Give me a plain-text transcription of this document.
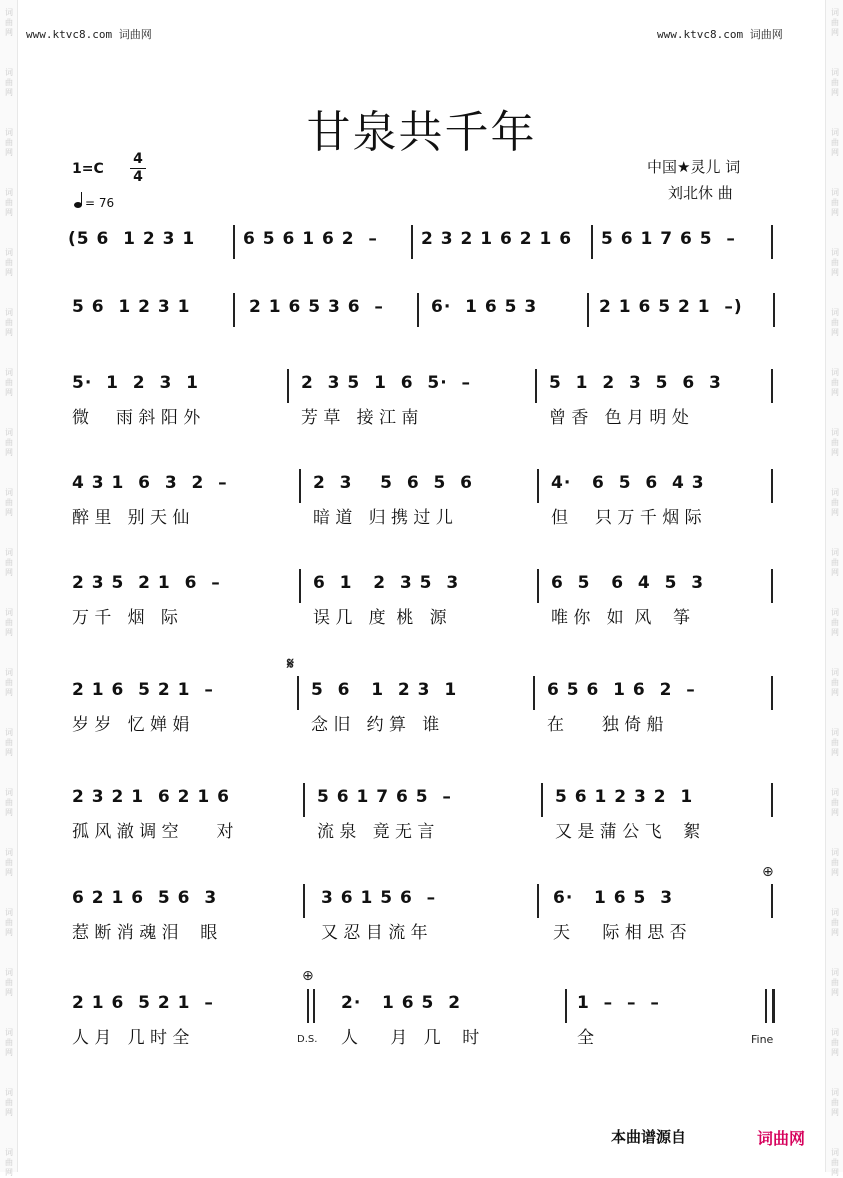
词
曲
网
词
曲
网
词
曲
网
词
曲
网
词
曲
网
词
曲
网
词
曲
网
词
曲
网
词
曲
网
词
曲
网
词
曲
网
词
曲
网
词
曲
网
词
曲
网
词
曲
网
词
曲
网
词
曲
网
词
曲
网
词
曲
网
词
曲
网
词
曲
网
词
曲
网
词
曲
网
词
曲
网
词
曲
网
词
曲
网
词
曲
网
词
曲
网
词
曲
网
词
曲
网
词
曲
网
词
曲
网
词
曲
网
词
曲
网
词
曲
网
词
曲
网
词
曲
网
词
曲
网
词
曲
网
词
曲
网
www.ktvc8.com 词曲网	www.ktvc8.com 词曲网
甘泉共千年
1=C
4
4
= 76
中国★灵儿 词
刘北休 曲
(5 6  1 2 3 1	6 5 6 1 6 2  –	2 3 2 1 6 2 1 6 5 6 1 7 6 5  –
5 6  1 2 3 1	2 1 6 5 3 6  –	6·  1 6 5 3	2 1 6 5 2 1  –)
5·  1  2  3  1	2  3 5  1  6  5·  –	5  1  2  3  5  6  3
微     雨 斜 阳 外	芳 草   接 江 南	曾 香   色 月 明 处
4 3 1  6  3  2  –	2  3    5  6  5  6	4·   6  5  6  4 3
醉 里   别 天 仙	暗 道   归 携 过 儿	但     只 万 千 烟 际
2 3 5  2 1  6  –	6  1   2  3 5  3	6  5   6  4  5  3
万 千   烟   际	误 几   度  桃   源	唯 你   如  风    筝
𝄋
2 1 6  5 2 1  –	5  6   1  2 3  1	6 5 6  1 6  2  –
岁 岁   忆 婵 娟	念 旧   约 算   谁	在       独 倚 船
2 3 2 1  6 2 1 6	5 6 1 7 6 5  –	5 6 1 2 3 2  1
孤 风 澈 调 空       对	流 泉   竟 无 言	又 是 蒲 公 飞    絮
⊕
6 2 1 6  5 6  3	3 6 1 5 6  –	6·   1 6 5  3
惹 断 消 魂 泪    眼	又 忍 目 流 年	天      际 相 思 否
⊕
2 1 6  5 2 1  –	2·   1 6 5  2	1  –  –  –
人 月   几 时 全	人      月   几    时	全
D.S.	Fine
本曲谱源自	词曲网
